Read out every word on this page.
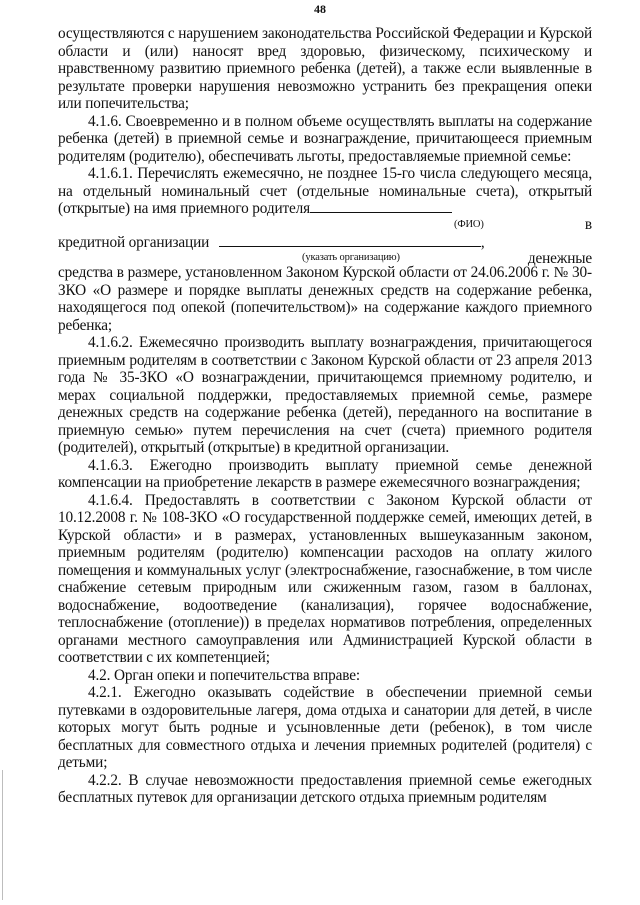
48

осуществляются с нарушением законодательства Российской Федерации и Курской области и (или) наносят вред здоровью, физическому, психическому и нравственному развитию приемного ребенка (детей), а также если выявленные в результате проверки нарушения невозможно устранить без прекращения опеки или попечительства;

4.1.6. Своевременно и в полном объеме осуществлять выплаты на содержание ребенка (детей) в приемной семье и вознаграждение, причитающееся приемным родителям (родителю), обеспечивать льготы, предоставляемые приемной семье:

4.1.6.1. Перечислять ежемесячно, не позднее 15-го числа следующего месяца, на отдельный номинальный счет (отдельные номинальные счета), открытый (открытые) на имя приемного родителя

(ФИО)	в
кредитной организации	,
(указать организацию)	денежные

средства в размере, установленном Законом Курской области от 24.06.2006 г. № 30- ЗКО «О размере и порядке выплаты денежных средств на содержание ребенка, находящегося под опекой (попечительством)» на содержание каждого приемного ребенка;

4.1.6.2. Ежемесячно производить выплату вознаграждения, причитающегося приемным родителям в соответствии с Законом Курской области от 23 апреля 2013 года № 35-ЗКО «О вознаграждении, причитающемся приемному родителю, и мерах социальной поддержки, предоставляемых приемной семье, размере денежных средств на содержание ребенка (детей), переданного на воспитание в приемную семью» путем перечисления на счет (счета) приемного родителя (родителей), открытый (открытые) в кредитной организации.

4.1.6.3. Ежегодно производить выплату приемной семье денежной компенсации на приобретение лекарств в размере ежемесячного вознаграждения;

4.1.6.4. Предоставлять в соответствии с Законом Курской области от 10.12.2008 г. № 108-ЗКО «О государственной поддержке семей, имеющих детей, в Курской области» и в размерах, установленных вышеуказанным законом, приемным родителям (родителю) компенсации расходов на оплату жилого помещения и коммунальных услуг (электроснабжение, газоснабжение, в том числе снабжение сетевым природным или сжиженным газом, газом в баллонах, водоснабжение, водоотведение (канализация), горячее водоснабжение, теплоснабжение (отопление)) в пределах нормативов потребления, определенных органами местного самоуправления или Администрацией Курской области в соответствии с их компетенцией;

4.2. Орган опеки и попечительства вправе:

4.2.1. Ежегодно оказывать содействие в обеспечении приемной семьи путевками в оздоровительные лагеря, дома отдыха и санатории для детей, в числе которых могут быть родные и усыновленные дети (ребенок), в том числе бесплатных для совместного отдыха и лечения приемных родителей (родителя) с детьми;

4.2.2. В случае невозможности предоставления приемной семье ежегодных бесплатных путевок для организации детского отдыха приемным родителям
